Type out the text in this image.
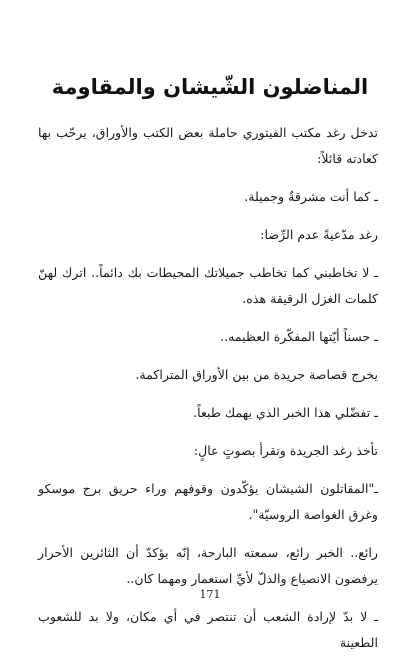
المناضلون الشّيشان والمقاومة

تدخل رغد مكتب الفيتوري حاملة بعض الكتب والأوراق، يرحّب بها كعادته قائلاً:

ـ كما أنت مشرقةٌ وجميلة.

رغد مدّعيةً عدم الرِّضا:

ـ لا تخاطبني كما تخاطب جميلاتك المحيطات بك دائماً.. اترك لهنّ كلمات الغزل الرقيقة هذه.

ـ حسناً أيّتها المفكّرة العظيمه..

يخرج قصاصة جريدة من بين الأوراق المتراكمة.

ـ تفضّلي هذا الخبر الذي يهمك طبعاً.

تأخذ رغد الجريدة وتقرأ بصوتٍ عالٍ:

ـ"المقاتلون الشيشان يؤكّدون وقوفهم وراء حريق برج موسكو وغرق الغواصة الروسيّة".

رائع.. الخبر رائع، سمعته البارحة، إنّه يؤكدّ أن الثائرين الأحرار يرفضون الانصياع والذلّ لأيِّ استعمار ومهما كان..

ـ لا بدّ لإرادة الشعب أن تنتصر في أي مكان، ولا بد للشعوب الطعينة

171
